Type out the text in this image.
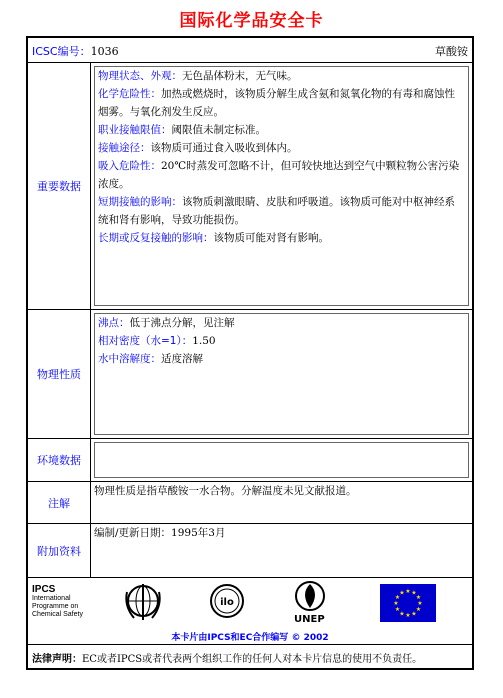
国际化学品安全卡
ICSC编号：1036	草酸铵
重要数据
物理状态、外观：无色晶体粉末，无气味。
化学危险性：加热或燃烧时，该物质分解生成含氨和氮氧化物的有毒和腐蚀性烟雾。与氧化剂发生反应。
职业接触限值：阈限值未制定标准。
接触途径：该物质可通过食入吸收到体内。
吸入危险性：20℃时蒸发可忽略不计，但可较快地达到空气中颗粒物公害污染浓度。
短期接触的影响：该物质刺激眼睛、皮肤和呼吸道。该物质可能对中枢神经系统和肾有影响，导致功能损伤。
长期或反复接触的影响：该物质可能对肾有影响。
物理性质
沸点：低于沸点分解，见注解
相对密度（水=1）：1.50
水中溶解度：适度溶解
环境数据
注解
物理性质是指草酸铵一水合物。分解温度未见文献报道。
附加资料
编制/更新日期：1995年3月
IPCS
International
Programme on
Chemical Safety
ilo
UNEP
★ ★
★
★
★
★
★
★
★
★
★
★
本卡片由IPCS和EC合作编写 © 2002
法律声明：EC或者IPCS或者代表两个组织工作的任何人对本卡片信息的使用不负责任。
